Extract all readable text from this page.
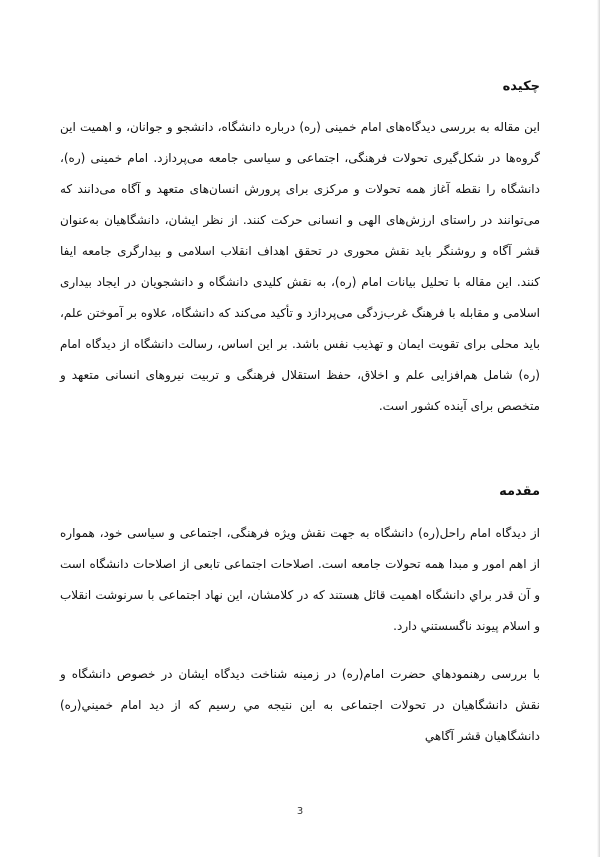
چکیده

این مقاله به بررسی دیدگاه‌های امام خمینی (ره) درباره دانشگاه، دانشجو و جوانان، و اهمیت این گروه‌ها در شکل‌گیری تحولات فرهنگی، اجتماعی و سیاسی جامعه می‌پردازد. امام خمینی (ره)، دانشگاه را نقطه آغاز همه تحولات و مرکزی برای پرورش انسان‌های متعهد و آگاه می‌دانند که می‌توانند در راستای ارزش‌های الهی و انسانی حرکت کنند. از نظر ایشان، دانشگاهیان به‌عنوان قشر آگاه و روشنگر باید نقش محوری در تحقق اهداف انقلاب اسلامی و بیدارگری جامعه ایفا کنند. این مقاله با تحلیل بیانات امام (ره)، به نقش کلیدی دانشگاه و دانشجویان در ایجاد بیداری اسلامی و مقابله با فرهنگ غرب‌زدگی می‌پردازد و تأکید می‌کند که دانشگاه، علاوه بر آموختن علم، باید محلی برای تقویت ایمان و تهذیب نفس باشد. بر این اساس، رسالت دانشگاه از دیدگاه امام (ره) شامل هم‌افزایی علم و اخلاق، حفظ استقلال فرهنگی و تربیت نیروهای انسانی متعهد و متخصص برای آینده کشور است.

مقدمه

از دیدگاه امام راحل(ره) دانشگاه به جهت نقش ویژه فرهنگی، اجتماعی و سیاسی خود، همواره از اهم امور و مبدا همه تحولات جامعه است. اصلاحات اجتماعی تابعی از اصلاحات دانشگاه است و آن قدر براي دانشگاه اهمیت قائل هستند که در کلامشان، این نهاد اجتماعی با سرنوشت انقلاب و اسلام پیوند ناگسستني دارد.

با بررسی رهنمودهاي حضرت امام(ره) در زمینه شناخت دیدگاه ایشان در خصوص دانشگاه و نقش دانشگاهیان در تحولات اجتماعی به این نتیجه مي رسیم که از دید امام خميني(ره) دانشگاهیان قشر آگاهي

3
